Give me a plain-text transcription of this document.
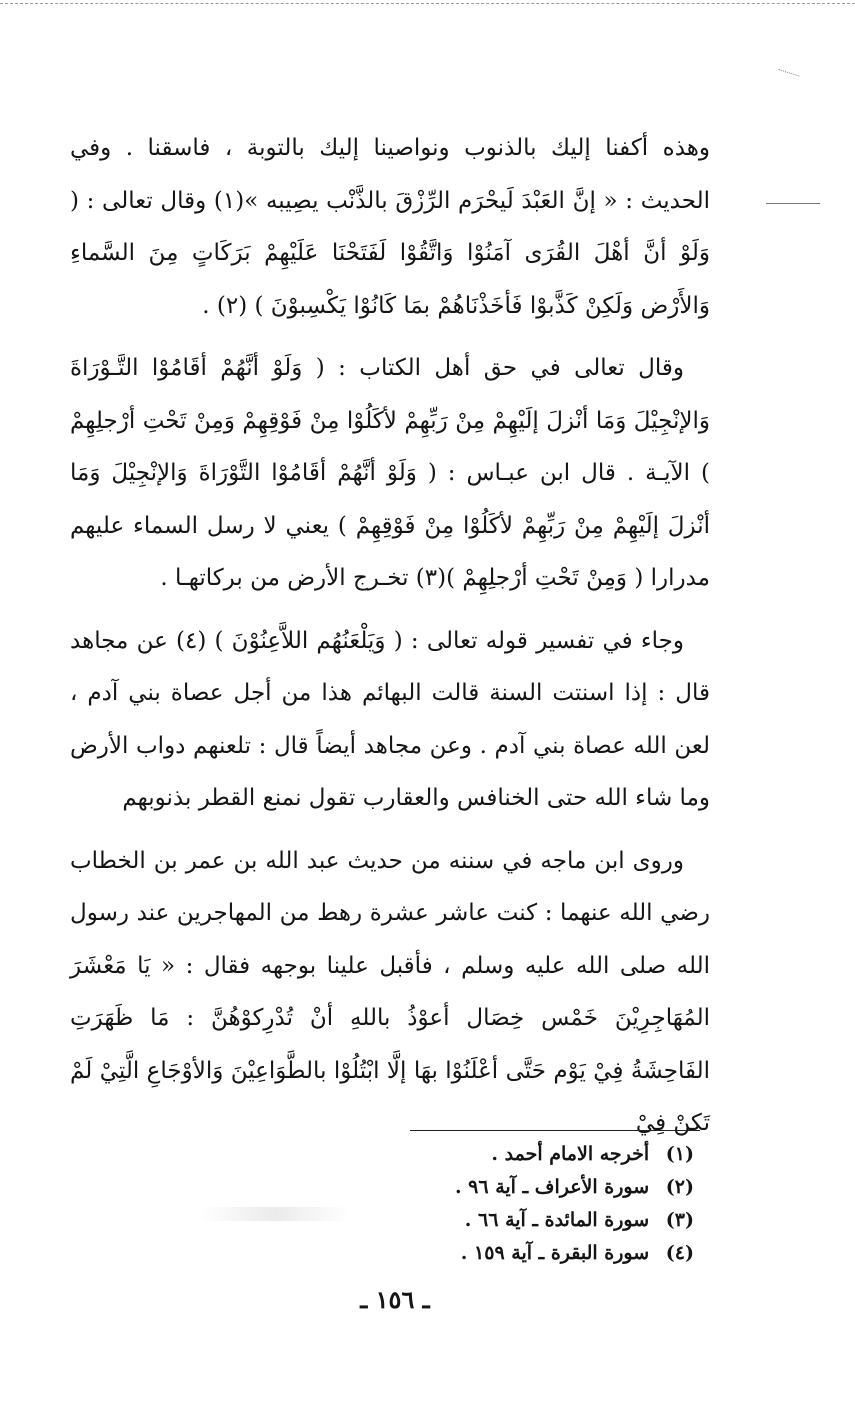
وهذه أكفنا إليك بالذنوب ونواصينا إليك بالتوبة ، فاسقنا . وفي الحديث : « إنَّ العَبْدَ لَيحْرَم الرِّزْقَ بالذَّنْب يصِيبه »(١) وقال تعالى : ( وَلَوْ أنَّ أهْلَ القُرَى آمَنُوْا وَاتَّقُوْا لَفَتَحْنَا عَلَيْهِمْ بَرَكَاتٍ مِنَ السَّماءِ وَالأَرْض وَلَكِنْ كَذَّبوْا فَأخَذْنَاهُمْ بمَا كَانُوْا يَكْسِبوْنَ ) (٢) .

وقال تعالى في حق أهل الكتاب : ( وَلَوْ أنَّهُمْ أقَامُوْا التَّـوْرَاةَ وَالإنْجِيْلَ وَمَا أنْزلَ إلَيْهِمْ مِنْ رَبِّهِمْ لأكَلُوْا مِنْ فَوْقِهِمْ وَمِنْ تَحْتِ أرْجلِهِمْ ) الآيـة . قال ابن عبـاس : ( وَلَوْ أنَّهُمْ أقَامُوْا التَّوْرَاةَ وَالإنْجِيْلَ وَمَا أنْزلَ إلَيْهِمْ مِنْ رَبِّهِمْ لأكَلُوْا مِنْ فَوْقِهِمْ ) يعني لا رسل السماء عليهم مدرارا ( وَمِنْ تَحْتِ أرْجلِهِمْ )(٣) تخـرج الأرض من بركاتهـا .

وجاء في تفسير قوله تعالى : ( وَيَلْعَنُهُم اللاَّعِنُوْنَ ) (٤) عن مجاهد قال : إذا اسنتت السنة قالت البهائم هذا من أجل عصاة بني آدم ، لعن الله عصاة بني آدم . وعن مجاهد أيضاً قال : تلعنهم دواب الأرض وما شاء الله حتى الخنافس والعقارب تقول نمنع القطر بذنوبهم

وروى ابن ماجه في سننه من حديث عبد الله بن عمر بن الخطاب رضي الله عنهما : كنت عاشر عشرة رهط من المهاجرين عند رسول الله صلى الله عليه وسلم ، فأقبل علينا بوجهه فقال : « يَا مَعْشَرَ المُهَاجِرِيْنَ خَمْس خِصَال أعوْذُ باللهِ أنْ تُدْرِكوْهُنَّ : مَا ظَهَرَتِ الفَاحِشَةُ فِيْ يَوْم حَتَّى أعْلَنُوْا بهَا إلَّا ابْتُلُوْا بالطَّوَاعِيْنَ وَالأوْجَاعِ الَّتِيْ لَمْ تَكنْ فِيْ

(١) أخرجه الامام أحمد .
(٢) سورة الأعراف ـ آية ٩٦ .
(٣) سورة المائدة ـ آية ٦٦ .
(٤) سورة البقرة ـ آية ١٥٩ .
ـ ١٥٦ ـ
